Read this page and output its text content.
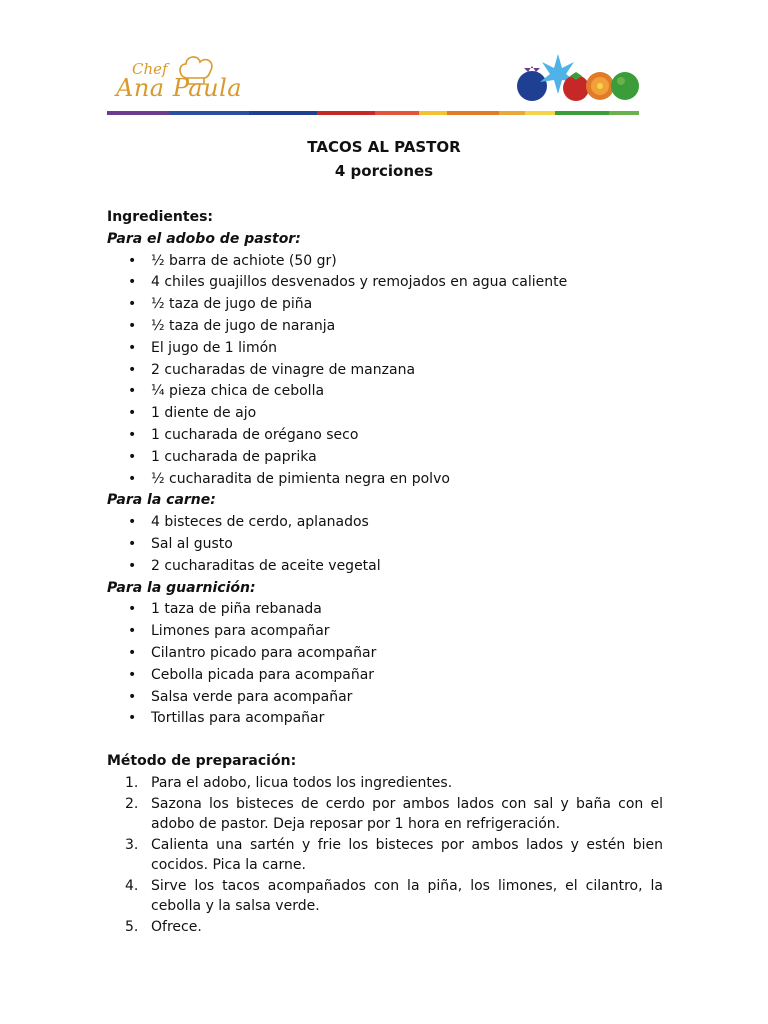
Chef
Ana Paula
TACOS AL PASTOR
4 porciones
Ingredientes:
Para el adobo de pastor:
• ½ barra de achiote (50 gr)
• 4 chiles guajillos desvenados y remojados en agua caliente
• ½ taza de jugo de piña
• ½ taza de jugo de naranja
• El jugo de 1 limón
• 2 cucharadas de vinagre de manzana
• ¼ pieza chica de cebolla
• 1 diente de ajo
• 1 cucharada de orégano seco
• 1 cucharada de paprika
• ½ cucharadita de pimienta negra en polvo
Para la carne:
• 4 bisteces de cerdo, aplanados
• Sal al gusto
• 2 cucharaditas de aceite vegetal
Para la guarnición:
• 1 taza de piña rebanada
• Limones para acompañar
• Cilantro picado para acompañar
• Cebolla picada para acompañar
• Salsa verde para acompañar
• Tortillas para acompañar
Método de preparación:
1. Para el adobo, licua todos los ingredientes.
2. Sazona los bisteces de cerdo por ambos lados con sal y baña con el adobo de pastor. Deja reposar por 1 hora en refrigeración.
3. Calienta una sartén y frie los bisteces por ambos lados y estén bien cocidos. Pica la carne.
4. Sirve los tacos acompañados con la piña, los limones, el cilantro, la cebolla y la salsa verde.
5. Ofrece.
